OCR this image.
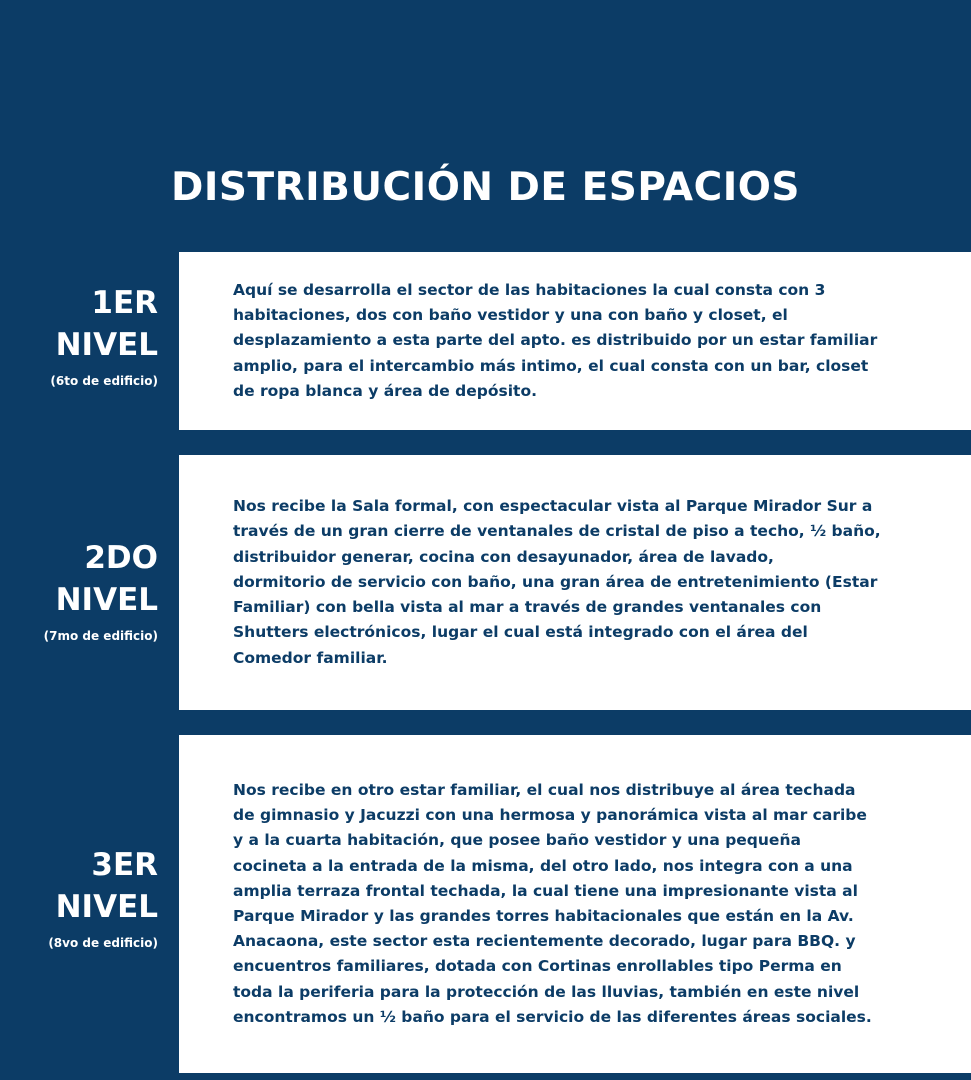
DISTRIBUCIÓN DE ESPACIOS
1ER
NIVEL
(6to de edificio)

Aquí se desarrolla el sector de las habitaciones la cual consta con 3
habitaciones, dos con baño vestidor y una con baño y closet, el
desplazamiento a esta parte del apto. es distribuido por un estar familiar
amplio, para el intercambio más intimo, el cual consta con un bar, closet
de ropa blanca y área de depósito.

2DO
NIVEL
(7mo de edificio)

Nos recibe la Sala formal, con espectacular vista al Parque Mirador Sur a
través de un gran cierre de ventanales de cristal de piso a techo, ½ baño,
distribuidor generar, cocina con desayunador, área de lavado,
dormitorio de servicio con baño, una gran área de entretenimiento (Estar
Familiar) con bella vista al mar a través de grandes ventanales con
Shutters electrónicos, lugar el cual está integrado con el área del
Comedor familiar.

3ER
NIVEL
(8vo de edificio)

Nos recibe en otro estar familiar, el cual nos distribuye al área techada
de gimnasio y Jacuzzi con una hermosa y panorámica vista al mar caribe
y a la cuarta habitación, que posee baño vestidor y una pequeña
cocineta a la entrada de la misma, del otro lado, nos integra con a una
amplia terraza frontal techada, la cual tiene una impresionante vista al
Parque Mirador y las grandes torres habitacionales que están en la Av.
Anacaona, este sector esta recientemente decorado, lugar para BBQ. y
encuentros familiares, dotada con Cortinas enrollables tipo Perma en
toda la periferia para la protección de las lluvias, también en este nivel
encontramos un ½ baño para el servicio de las diferentes áreas sociales.
